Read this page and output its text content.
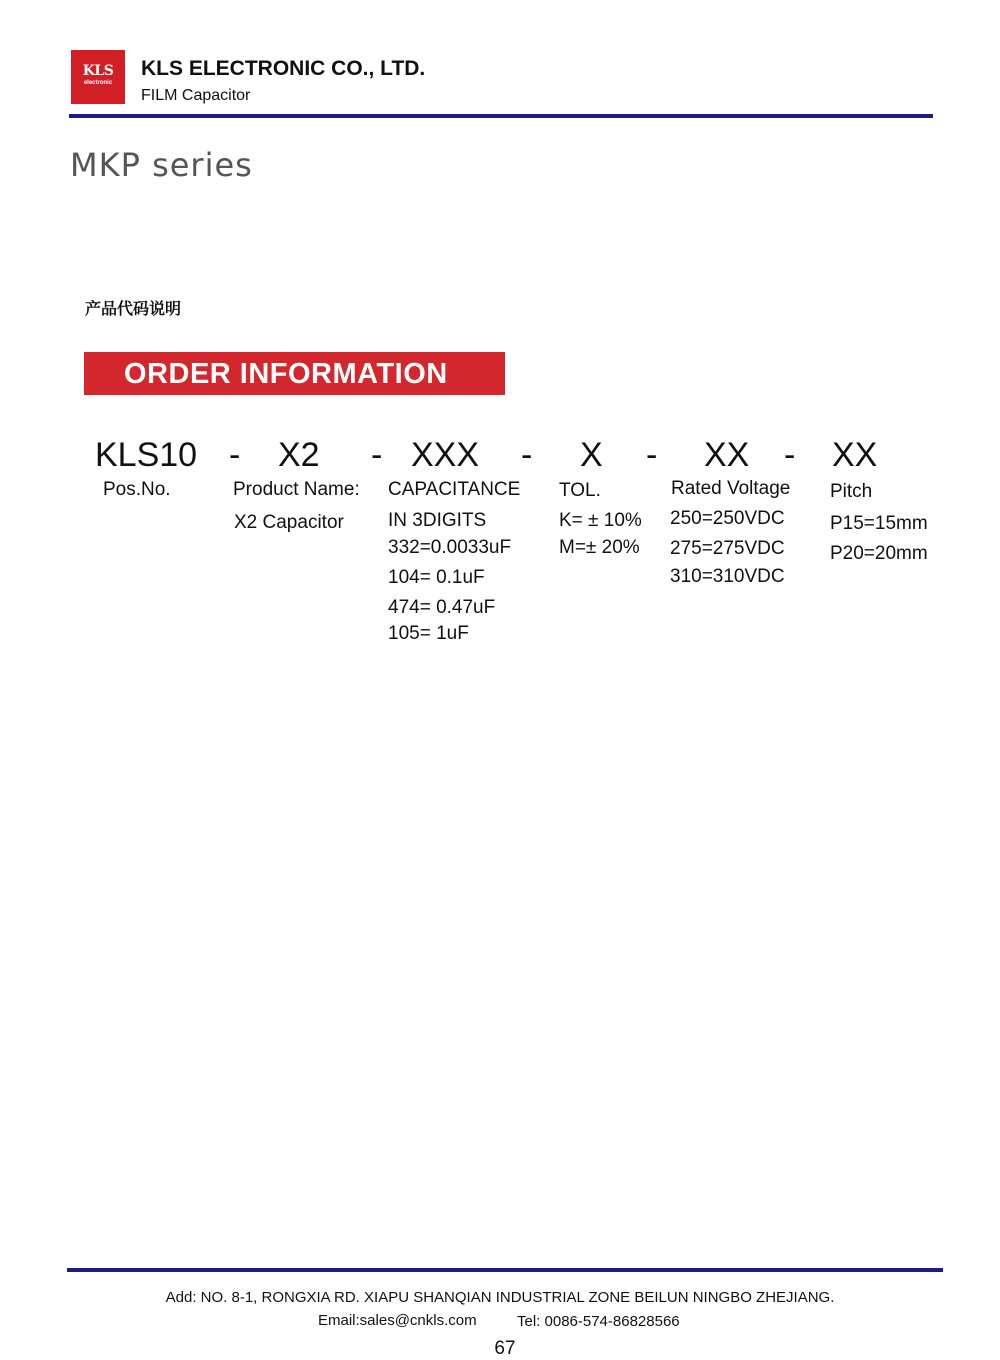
KLS
electronic
KLS ELECTRONIC CO., LTD.
FILM Capacitor
MKP series
产品代码说明
ORDER INFORMATION
KLS10 - X2 - XXX - X - XX - XX
Pos.No.	Product Name:
X2 Capacitor
CAPACITANCE
IN 3DIGITS
332=0.0033uF
104= 0.1uF
474= 0.47uF
105= 1uF
TOL.
K= ± 10%
M=± 20%
Rated Voltage
250=250VDC
275=275VDC
310=310VDC
Pitch
P15=15mm
P20=20mm
Add: NO. 8-1, RONGXIA RD. XIAPU SHANQIAN INDUSTRIAL ZONE BEILUN NINGBO ZHEJIANG.
Email:sales@cnkls.com	Tel: 0086-574-86828566
67
